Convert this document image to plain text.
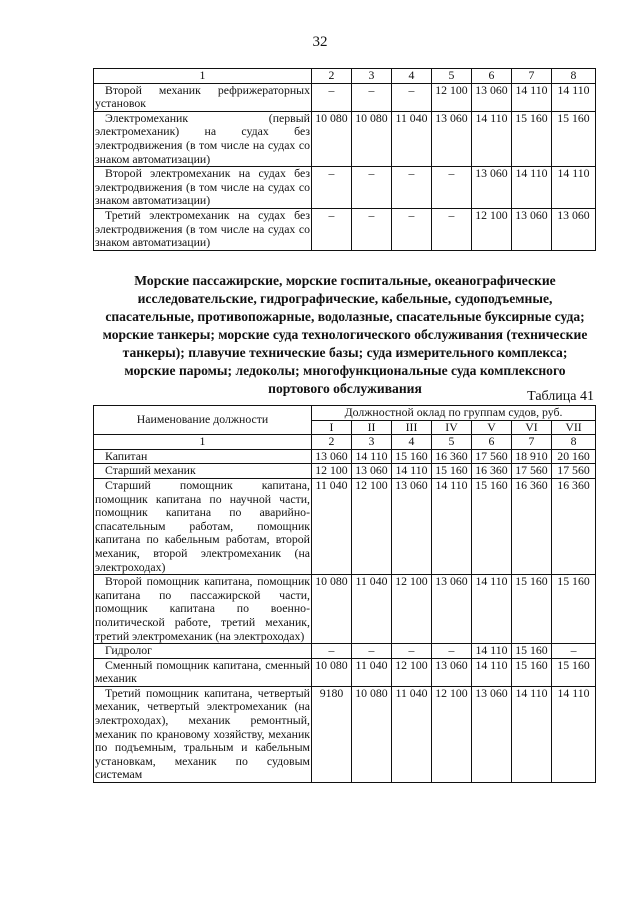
32
1	2	3	4	5	6	7	8
Второй механик рефрижераторных установок	–	–	–	12 100	13 060	14 110	14 110
Электромеханик (первый электромеханик) на судах без электродвижения (в том числе на судах со знаком автоматизации)	10 080	10 080	11 040	13 060	14 110	15 160	15 160
Второй электромеханик на судах без электродвижения (в том числе на судах со знаком автоматизации)	–	–	–	–	13 060	14 110	14 110
Третий электромеханик на судах без электродвижения (в том числе на судах со знаком автоматизации)	–	–	–	–	12 100	13 060	13 060
Морские пассажирские, морские госпитальные, океанографические исследовательские, гидрографические, кабельные, судоподъемные, спасательные, противопожарные, водолазные, спасательные буксирные суда; морские танкеры; морские суда технологического обслуживания (технические танкеры); плавучие технические базы; суда измерительного комплекса; морские паромы; ледоколы; многофункциональные суда комплексного портового обслуживания
Таблица 41
Наименование должности	Должностной оклад по группам судов, руб.						
	I	II	III	IV	V	VI	VII
1	2	3	4	5	6	7	8
Капитан	13 060	14 110	15 160	16 360	17 560	18 910	20 160
Старший механик	12 100	13 060	14 110	15 160	16 360	17 560	17 560
Старший помощник капитана, помощник капитана по научной части, помощник капитана по аварийно-спасательным работам, помощник капитана по кабельным работам, второй механик, второй электромеханик (на электроходах)	11 040	12 100	13 060	14 110	15 160	16 360	16 360
Второй помощник капитана, помощник капитана по пассажирской части, помощник капитана по военно-политической работе, третий механик, третий электромеханик (на электроходах)	10 080	11 040	12 100	13 060	14 110	15 160	15 160
Гидролог	–	–	–	–	14 110	15 160	–
Сменный помощник капитана, сменный механик	10 080	11 040	12 100	13 060	14 110	15 160	15 160
Третий помощник капитана, четвертый механик, четвертый электромеханик (на электроходах), механик ремонтный, механик по крановому хозяйству, механик по подъемным, тральным и кабельным установкам, механик по судовым системам	9180	10 080	11 040	12 100	13 060	14 110	14 110
